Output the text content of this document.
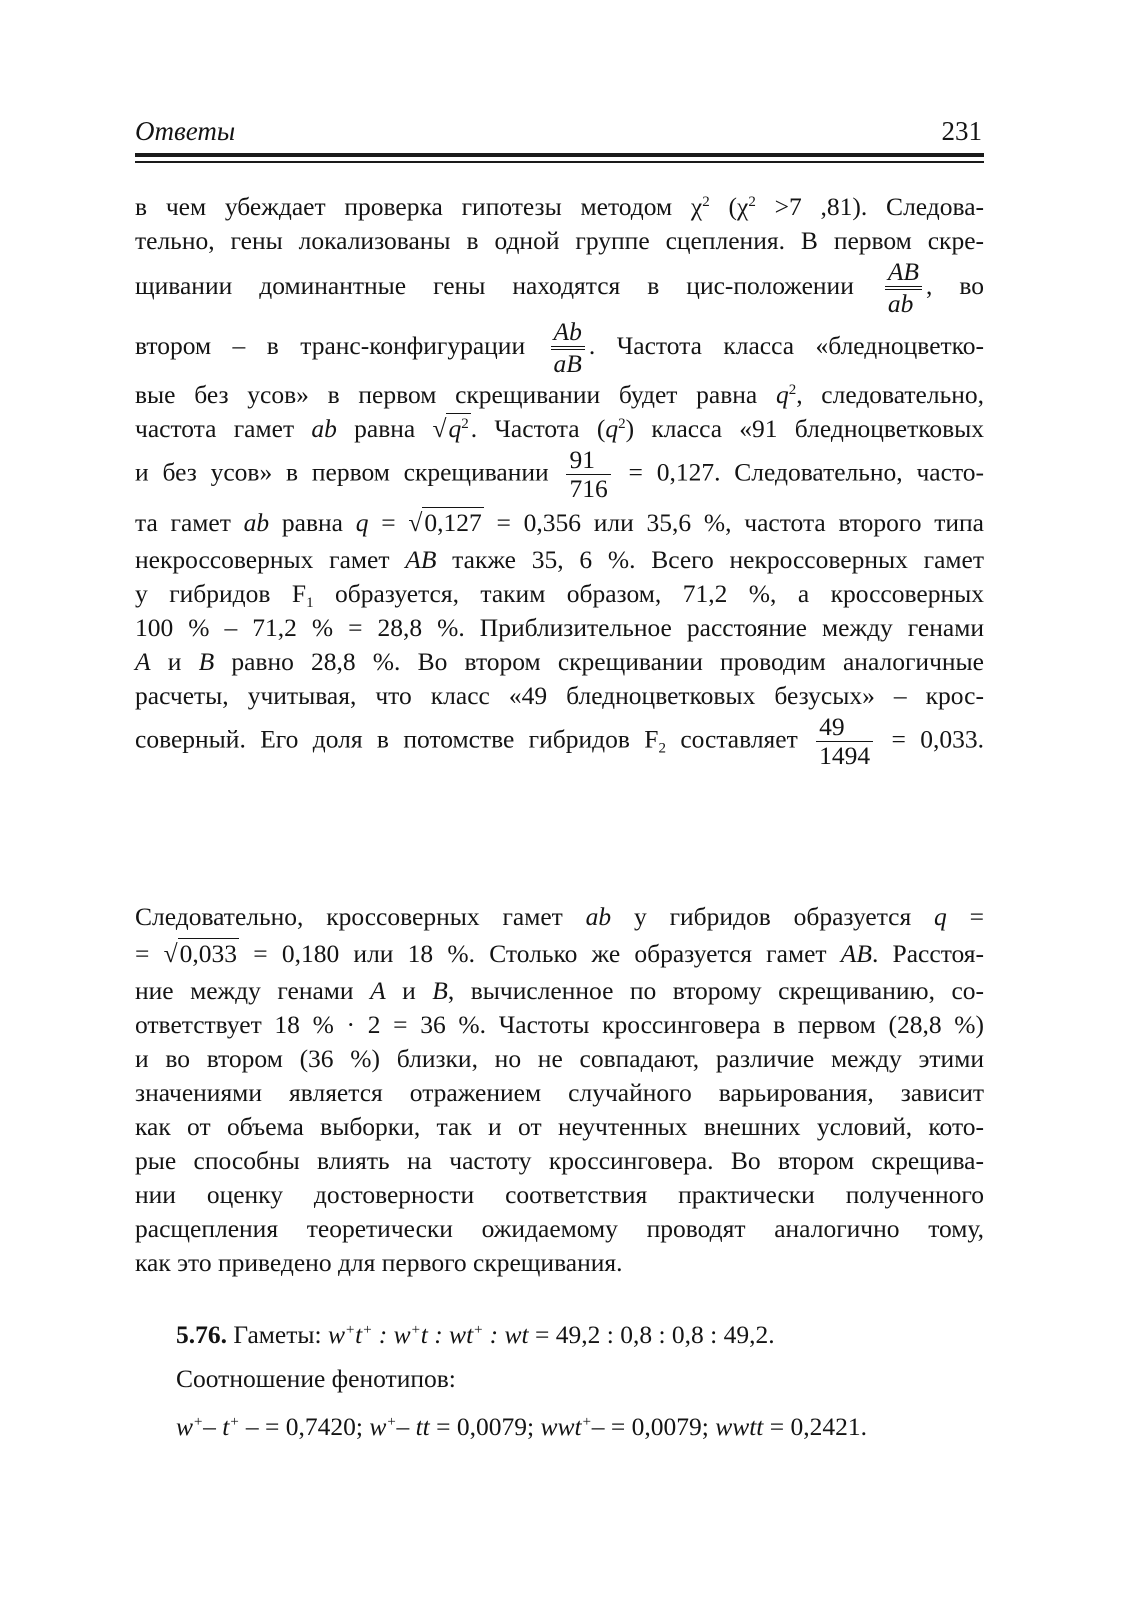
Ответы	231
в чем убеждает проверка гипотезы методом $\chi^2$ ($\chi^2 >7$ ,81). Следова-
тельно, гены локализованы в одной группе сцепления. В первом скре-
щивании доминантные гены находятся в цис-положении $\frac{AB}{ab}$ , во
втором – в транс-конфигурации $\frac{Ab}{aB}$ . Частота класса «бледноцветко-
вые без усов» в первом скрещивании будет равна $q^2$, следовательно,
частота гамет ab равна $√q^2$. Частота $(q^2)$ класса «91 бледноцветковых
и без усов» в первом скрещивании $\frac{91}{716} = 0,127$. Следовательно, часто-
та гамет ab равна q = √0,127 = 0,356 или 35,6 %, частота второго типа
некроссоверных гамет AB также 35, 6 %. Всего некроссоверных гамет
у гибридов $F_1$ образуется, таким образом, 71,2 %, а кроссоверных
100 % – 71,2 % = 28,8 %. Приблизительное расстояние между генами
A и B равно 28,8 %. Во втором скрещивании проводим аналогичные
расчеты, учитывая, что класс «49 бледноцветковых безусых» – крос-
соверный. Его доля в потомстве гибридов $F_2$ составляет $\frac{49}{1494} = 0,033$.
Следовательно, кроссоверных гамет ab у гибридов образуется q =
= √0,033 = 0,180 или 18 %. Столько же образуется гамет AB. Расстоя-
ние между генами A и B, вычисленное по второму скрещиванию, со-
ответствует 18 % · 2 = 36 %. Частоты кроссинговера в первом (28,8 %)
и во втором (36 %) близки, но не совпадают, различие между этими
значениями является отражением случайного варьирования, зависит
как от объема выборки, так и от неучтенных внешних условий, кото-
рые способны влиять на частоту кроссинговера. Во втором скрещива-
нии оценку достоверности соответствия практически полученного
расщепления теоретически ожидаемому проводят аналогично тому,
как это приведено для первого скрещивания.
5.76. Гаметы: w+t+ : w+t : wt+ : wt = 49,2 : 0,8 : 0,8 : 49,2.
Соотношение фенотипов:
w+– t+ – = 0,7420; w+– tt = 0,0079; wwt+– = 0,0079; wwtt = 0,2421.
